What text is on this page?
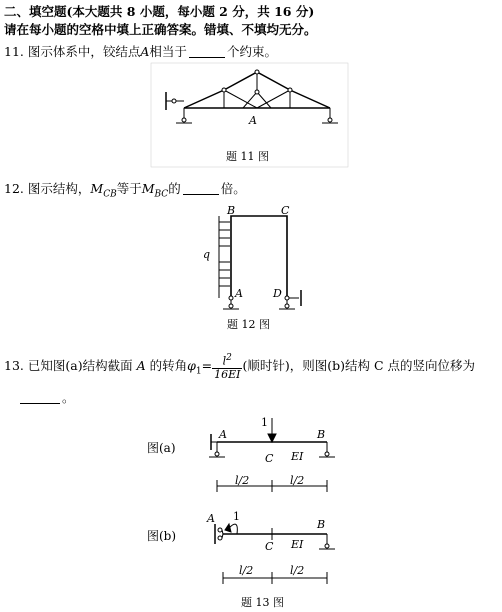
二、填空题(本大题共 8 小题，每小题 2 分，共 16 分)
请在每小题的空格中填上正确答案。错填、不填均无分。
11. 图示体系中，铰结点A相当于	个约束。
A
题 11 图
12. 图示结构，$M_{CB}$等于$M_{BC}$的	倍。
B	C
q
A	D
题 12 图
13. 已知图(a)结构截面 A 的转角$\varphi_1= \frac{l^2}{16EI}$ (顺时针)，则图(b)结构 C 点的竖向位移为
。
图(a)
1
A	B
C EI
l/2	l/2
图(b)
1
A	B
C EI
l/2	l/2
题 13 图
